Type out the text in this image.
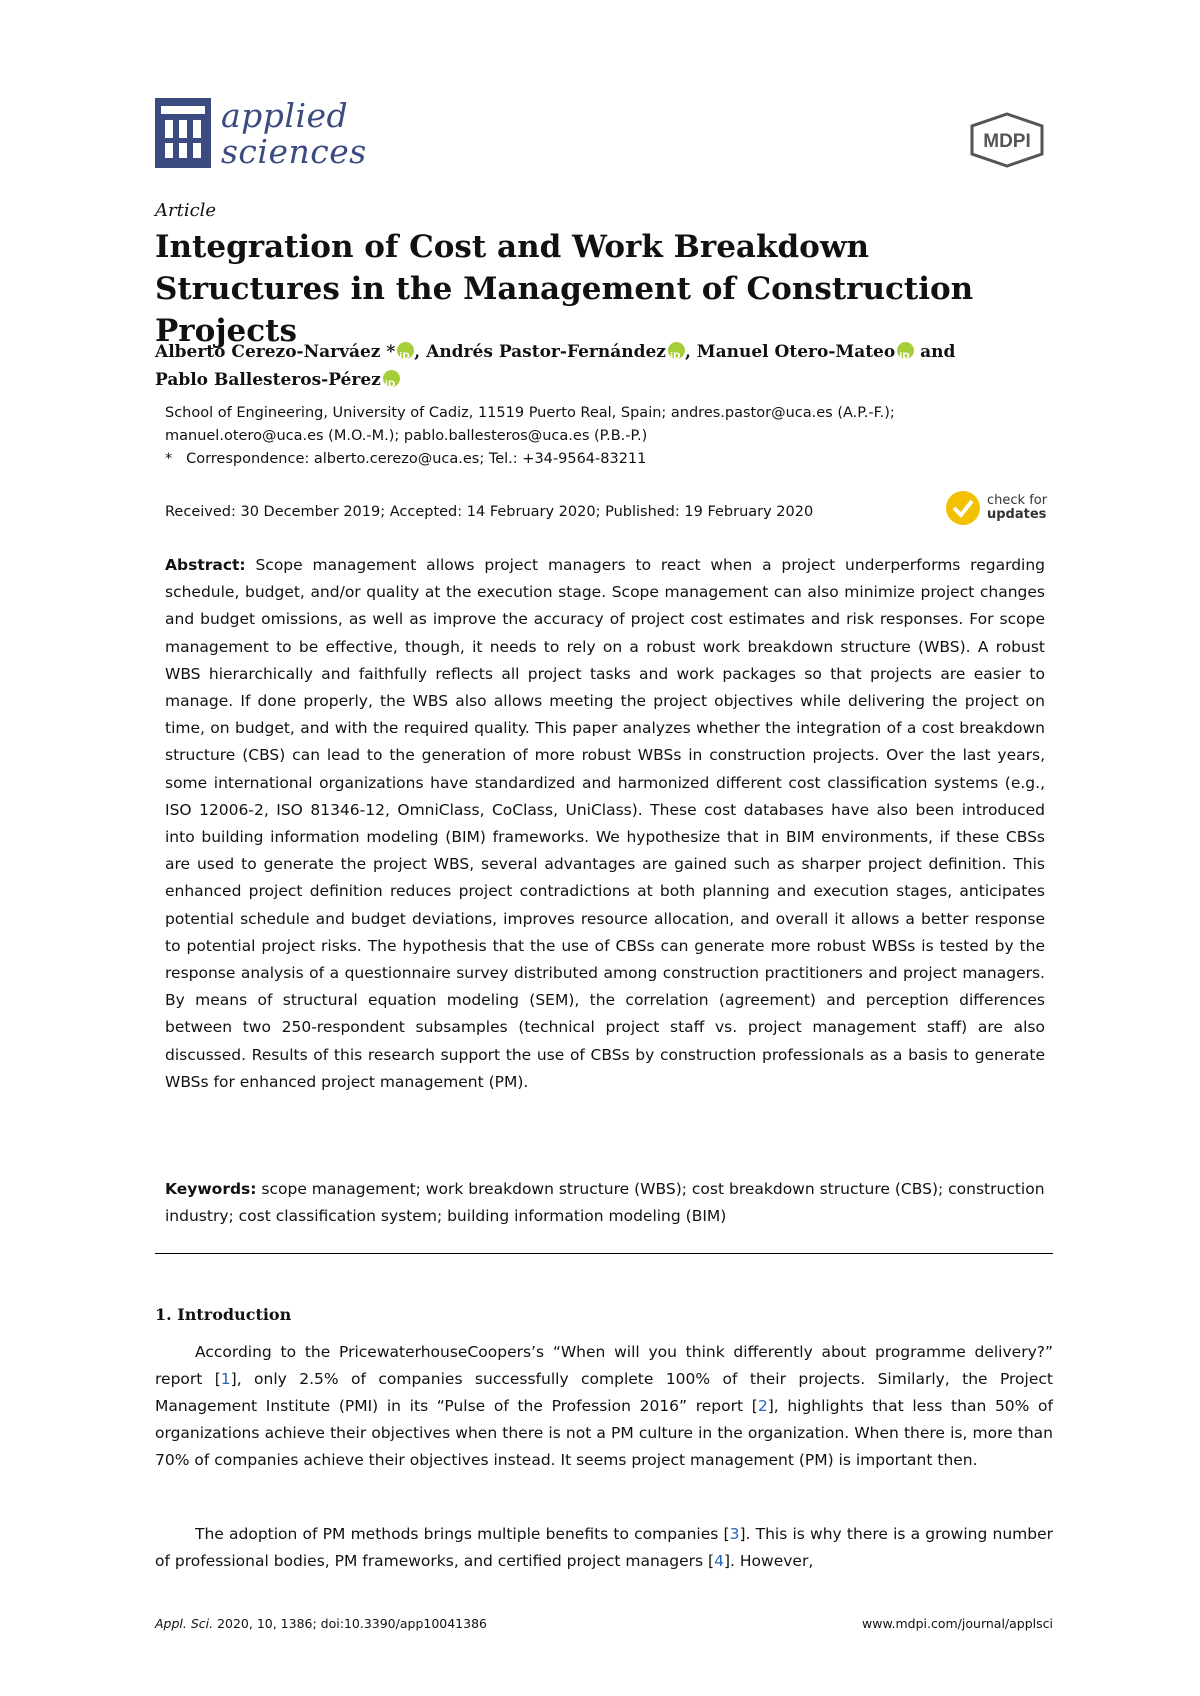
applied
sciences	MDPI
Article
Integration of Cost and Work Breakdown Structures in the Management of Construction Projects
Alberto Cerezo-Narváez * iD , Andrés Pastor-Fernández iD , Manuel Otero-MateoiD and
Pablo Ballesteros-PéreziD
School of Engineering, University of Cadiz, 11519 Puerto Real, Spain; andres.pastor@uca.es (A.P.-F.);
manuel.otero@uca.es (M.O.-M.); pablo.ballesteros@uca.es (P.B.-P.)
*   Correspondence: alberto.cerezo@uca.es; Tel.: +34-9564-83211
Received: 30 December 2019; Accepted: 14 February 2020; Published: 19 February 2020
check for
updates

Abstract: Scope management allows project managers to react when a project underperforms regarding schedule, budget, and/or quality at the execution stage. Scope management can also minimize project changes and budget omissions, as well as improve the accuracy of project cost estimates and risk responses. For scope management to be effective, though, it needs to rely on a robust work breakdown structure (WBS). A robust WBS hierarchically and faithfully reflects all project tasks and work packages so that projects are easier to manage. If done properly, the WBS also allows meeting the project objectives while delivering the project on time, on budget, and with the required quality. This paper analyzes whether the integration of a cost breakdown structure (CBS) can lead to the generation of more robust WBSs in construction projects. Over the last years, some international organizations have standardized and harmonized different cost classification systems (e.g., ISO 12006-2, ISO 81346-12, OmniClass, CoClass, UniClass). These cost databases have also been introduced into building information modeling (BIM) frameworks. We hypothesize that in BIM environments, if these CBSs are used to generate the project WBS, several advantages are gained such as sharper project definition. This enhanced project definition reduces project contradictions at both planning and execution stages, anticipates potential schedule and budget deviations, improves resource allocation, and overall it allows a better response to potential project risks. The hypothesis that the use of CBSs can generate more robust WBSs is tested by the response analysis of a questionnaire survey distributed among construction practitioners and project managers. By means of structural equation modeling (SEM), the correlation (agreement) and perception differences between two 250-respondent subsamples (technical project staff vs. project management staff) are also discussed. Results of this research support the use of CBSs by construction professionals as a basis to generate WBSs for enhanced project management (PM).

Keywords: scope management; work breakdown structure (WBS); cost breakdown structure (CBS); construction industry; cost classification system; building information modeling (BIM)

1. Introduction

According to the PricewaterhouseCoopers’s “When will you think differently about programme delivery?” report [1], only 2.5% of companies successfully complete 100% of their projects. Similarly, the Project Management Institute (PMI) in its “Pulse of the Profession 2016” report [2], highlights that less than 50% of organizations achieve their objectives when there is not a PM culture in the organization. When there is, more than 70% of companies achieve their objectives instead. It seems project management (PM) is important then.

The adoption of PM methods brings multiple benefits to companies [3]. This is why there is a growing number of professional bodies, PM frameworks, and certified project managers [4]. However,

Appl. Sci. 2020, 10, 1386; doi:10.3390/app10041386	www.mdpi.com/journal/applsci
